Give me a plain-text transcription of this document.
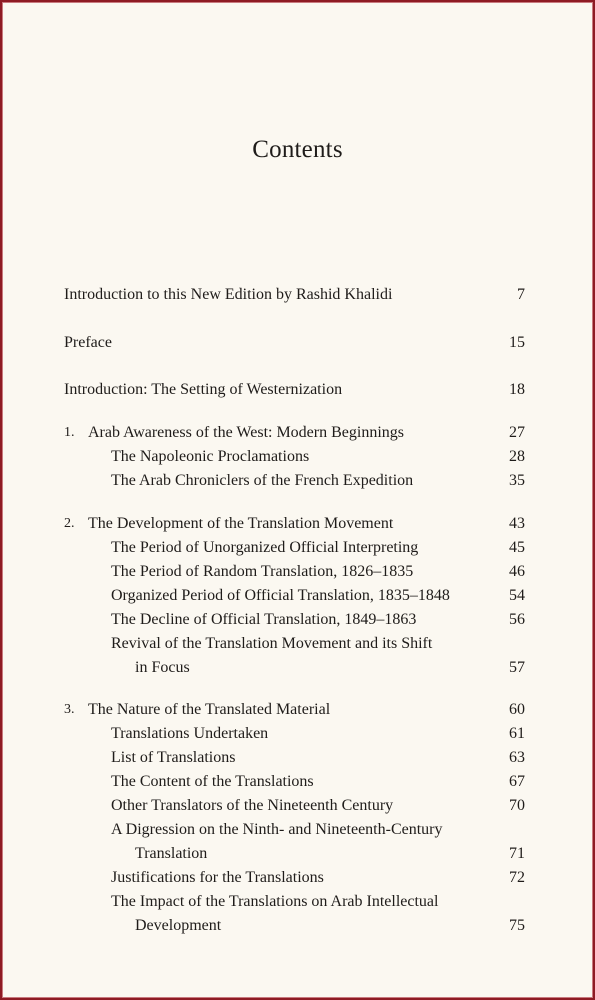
Contents
Introduction to this New Edition by Rashid Khalidi	7
Preface	15
Introduction: The Setting of Westernization	18
1. Arab Awareness of the West: Modern Beginnings	27
The Napoleonic Proclamations	28
The Arab Chroniclers of the French Expedition	35
2. The Development of the Translation Movement	43
The Period of Unorganized Official Interpreting	45
The Period of Random Translation, 1826–1835	46
Organized Period of Official Translation, 1835–1848	54
The Decline of Official Translation, 1849–1863	56
Revival of the Translation Movement and its Shift
in Focus	57
3. The Nature of the Translated Material	60
Translations Undertaken	61
List of Translations	63
The Content of the Translations	67
Other Translators of the Nineteenth Century	70
A Digression on the Ninth- and Nineteenth-Century
Translation	71
Justifications for the Translations	72
The Impact of the Translations on Arab Intellectual
Development	75
